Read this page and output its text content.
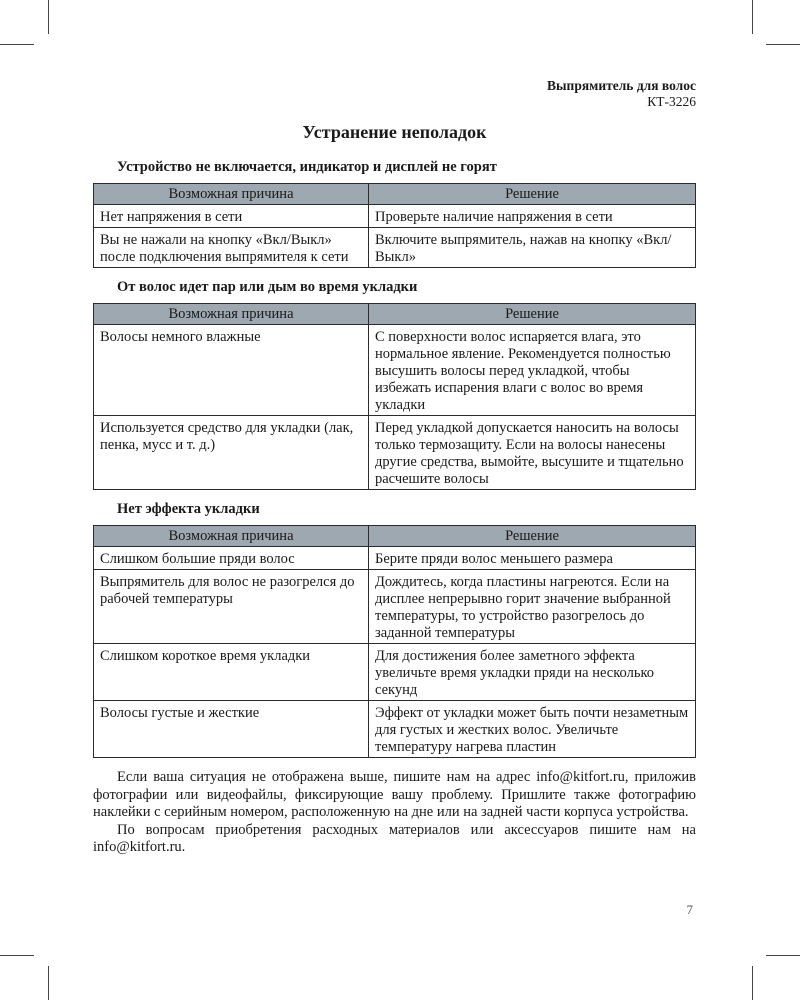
Выпрямитель для волос
КТ-3226
Устранение неполадок
Устройство не включается, индикатор и дисплей не горят
Возможная причина	Решение
Нет напряжения в сети	Проверьте наличие напряжения в сети
Вы не нажали на кнопку «Вкл/Выкл» после подключения выпрямителя к сети	Включите выпрямитель, нажав на кнопку «Вкл/Выкл»
От волос идет пар или дым во время укладки
Возможная причина	Решение
Волосы немного влажные	С поверхности волос испаряется влага, это нормальное явление. Рекомендуется полностью высушить волосы перед укладкой, чтобы избежать испарения влаги с волос во время укладки
Используется средство для укладки (лак, пенка, мусс и т. д.)	Перед укладкой допускается наносить на волосы только термозащиту. Если на волосы нанесены другие средства, вымойте, высушите и тщательно расчешите волосы
Нет эффекта укладки
Возможная причина	Решение
Слишком большие пряди волос	Берите пряди волос меньшего размера
Выпрямитель для волос не разогрелся до рабочей температуры	Дождитесь, когда пластины нагреются. Если на дисплее непрерывно горит значение выбранной температуры, то устройство разогрелось до заданной температуры
Слишком короткое время укладки	Для достижения более заметного эффекта увеличьте время укладки пряди на несколько секунд
Волосы густые и жесткие	Эффект от укладки может быть почти незаметным для густых и жестких волос. Увеличьте температуру нагрева пластин

Если ваша ситуация не отображена выше, пишите нам на адрес info@kitfort.ru, приложив фотографии или видеофайлы, фиксирующие вашу проблему. Пришлите также фотографию наклейки с серийным номером, расположенную на дне или на задней части корпуса устройства.

По вопросам приобретения расходных материалов или аксессуаров пишите нам на info@kitfort.ru.

7
